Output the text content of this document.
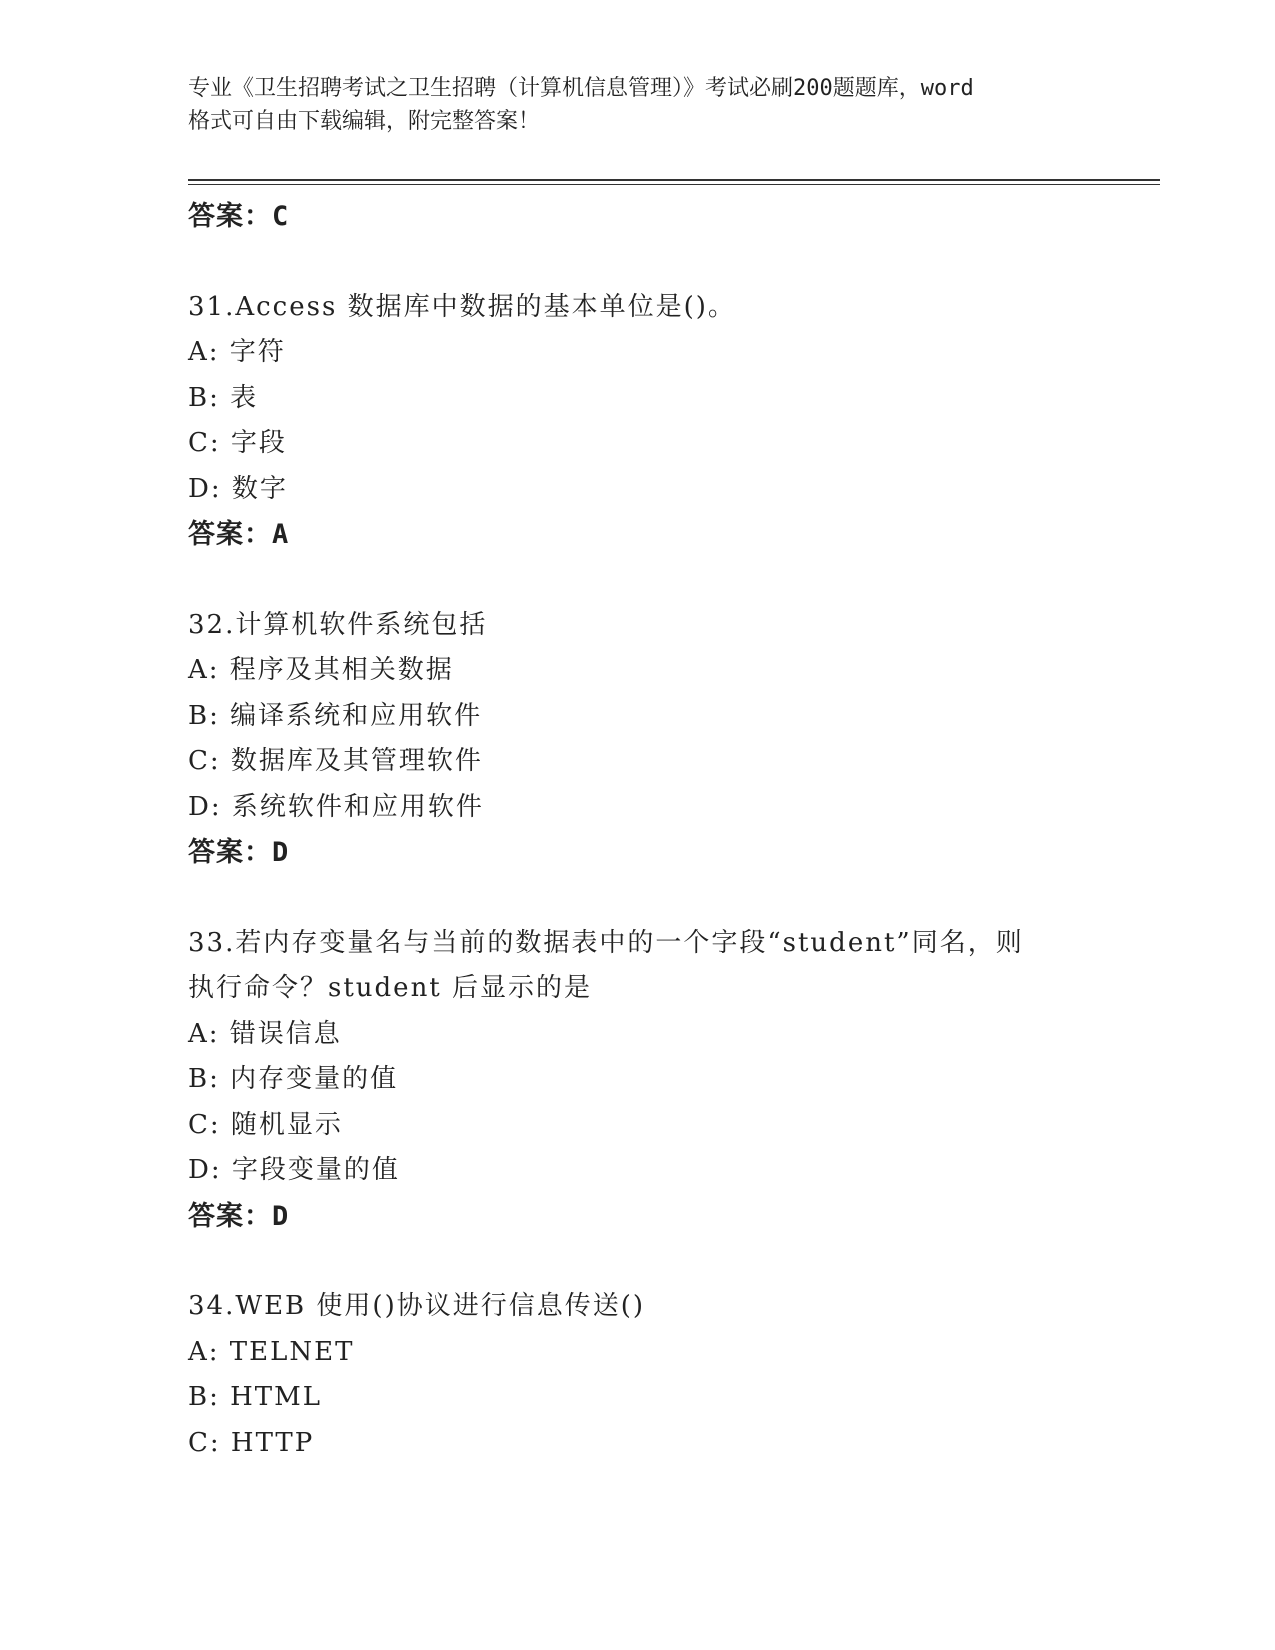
专业《卫生招聘考试之卫生招聘（计算机信息管理）》考试必刷200题题库，word
格式可自由下载编辑，附完整答案！
答案：C
31.Access 数据库中数据的基本单位是()。
A: 字符
B: 表
C: 字段
D: 数字
答案：A
32.计算机软件系统包括
A: 程序及其相关数据
B: 编译系统和应用软件
C: 数据库及其管理软件
D: 系统软件和应用软件
答案：D
33.若内存变量名与当前的数据表中的一个字段“student”同名，则
执行命令？student 后显示的是
A: 错误信息
B: 内存变量的值
C: 随机显示
D: 字段变量的值
答案：D
34.WEB 使用()协议进行信息传送()
A: TELNET
B: HTML
C: HTTP
